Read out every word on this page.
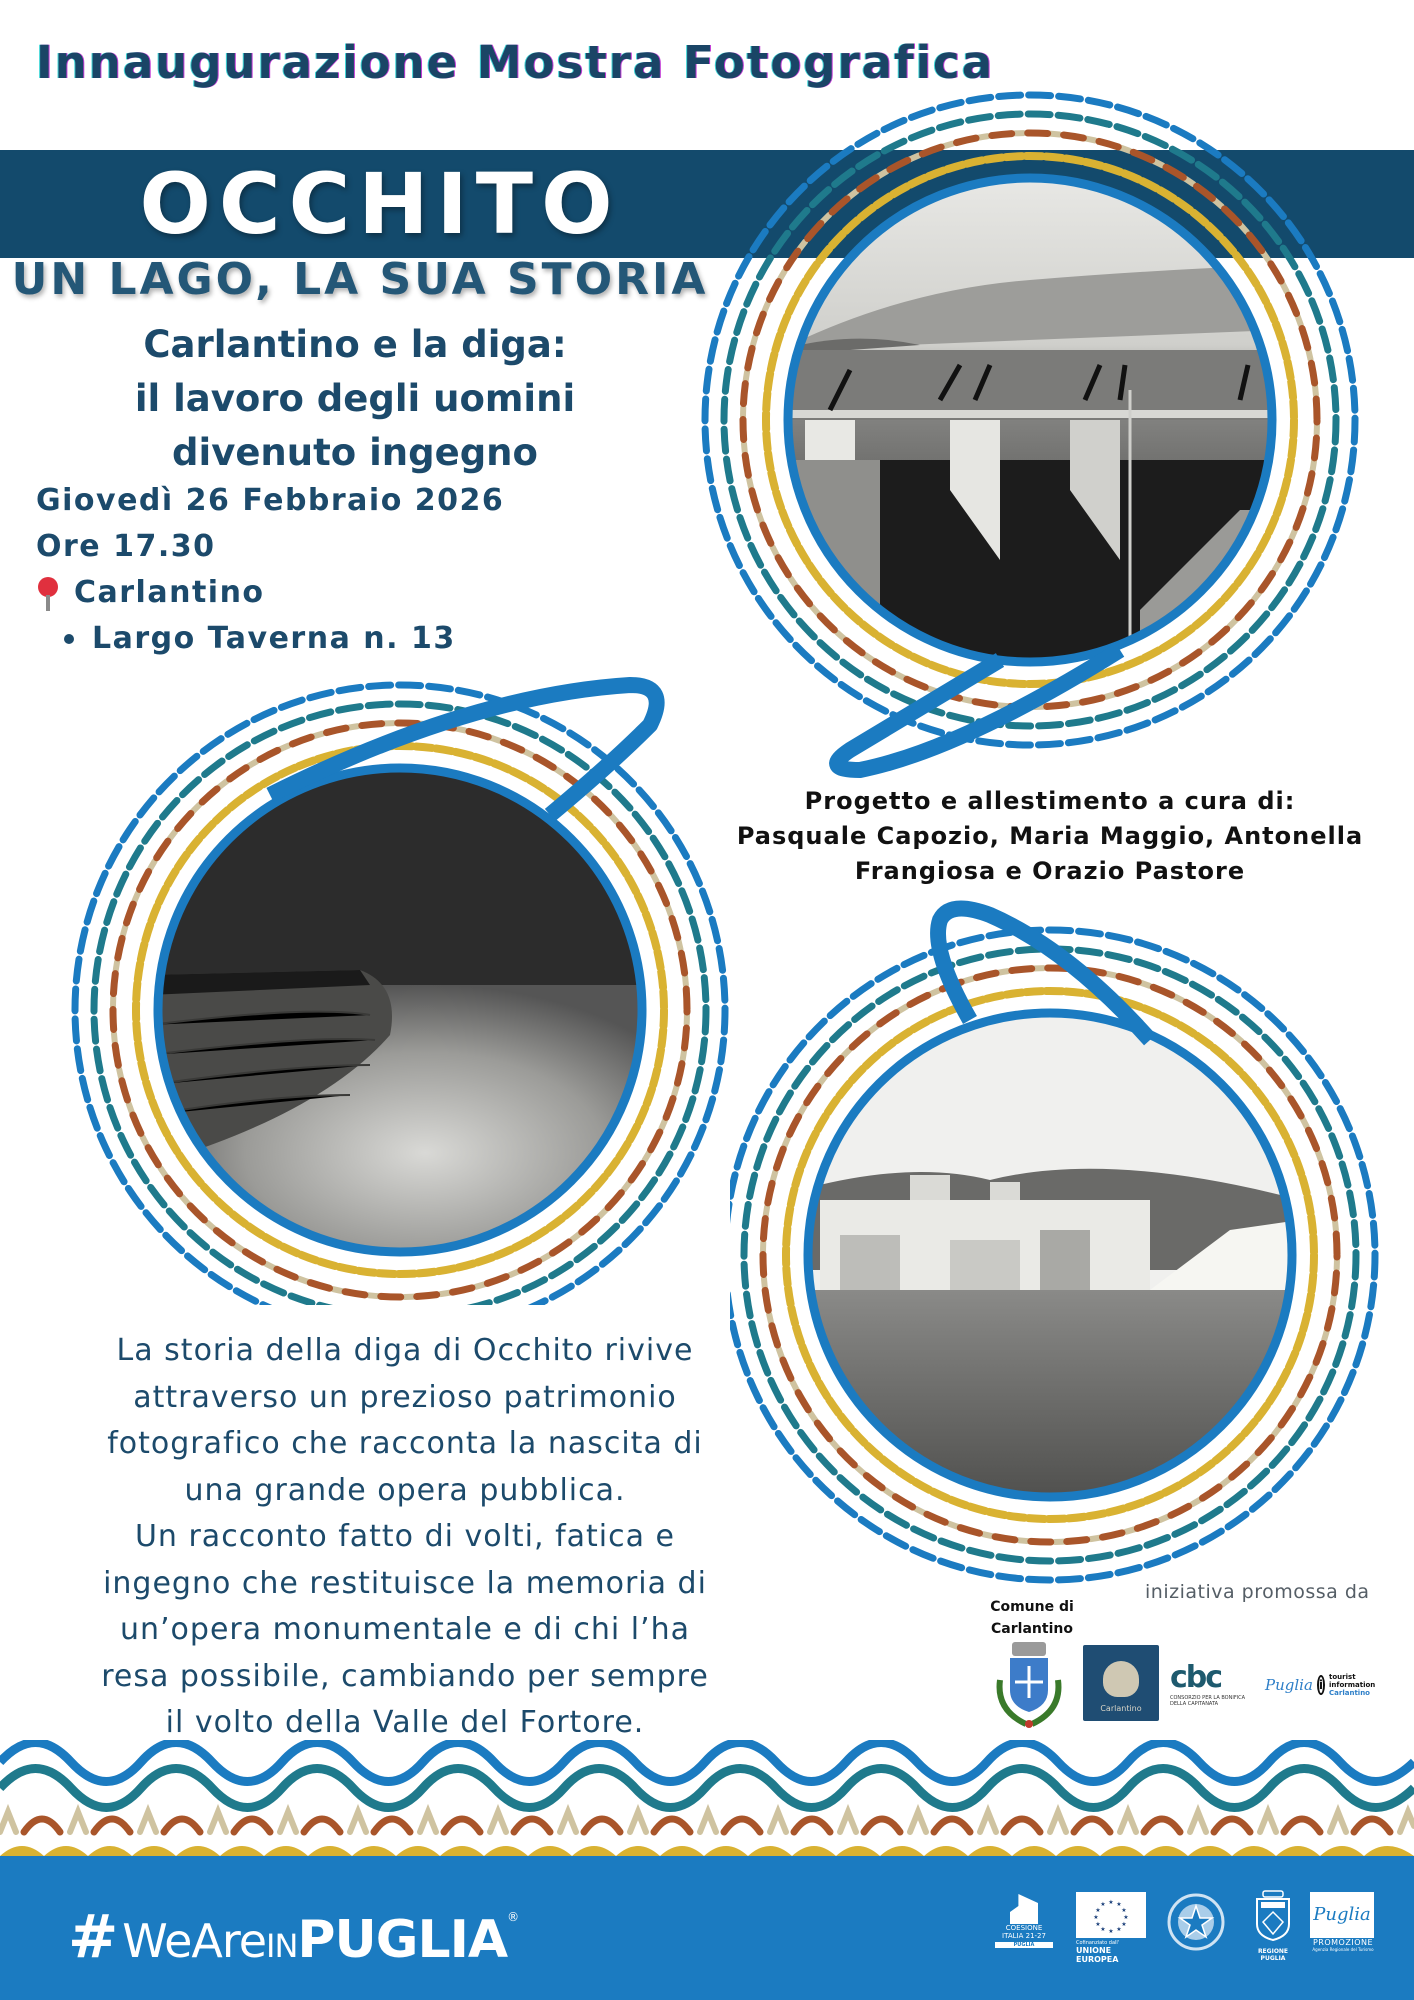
Innaugurazione Mostra Fotografica
OCCHITO
UN LAGO, LA SUA STORIA
Carlantino e la diga:
il lavoro degli uomini
divenuto ingegno
Giovedì 26 Febbraio 2026
Ore 17.30
Carlantino
Largo Taverna n. 13
Progetto e allestimento a cura di:
Pasquale Capozio, Maria Maggio, Antonella
Frangiosa e Orazio Pastore
La storia della diga di Occhito rivive
attraverso un prezioso patrimonio
fotografico che racconta la nascita di
una grande opera pubblica.
Un racconto fatto di volti, fatica e
ingegno che restituisce la memoria di
un’opera monumentale e di chi l’ha
resa possibile, cambiando per sempre
il volto della Valle del Fortore.
iniziativa promossa da
Comune di
Carlantino
Carlantino
cbc
CONSORZIO PER LA BONIFICA DELLA CAPITANATA
Puglia i
tourist
information
Carlantino
# WeAre IN PUGLIA ®
COESIONE
ITALIA 21-27
PUGLIA
★ ★
★
★
★
★
★
★
★
★
★
★
Cofinanziato dall'
UNIONE EUROPEA
REGIONE PUGLIA
Puglia
PROMOZIONE
Agenzia Regionale del Turismo
